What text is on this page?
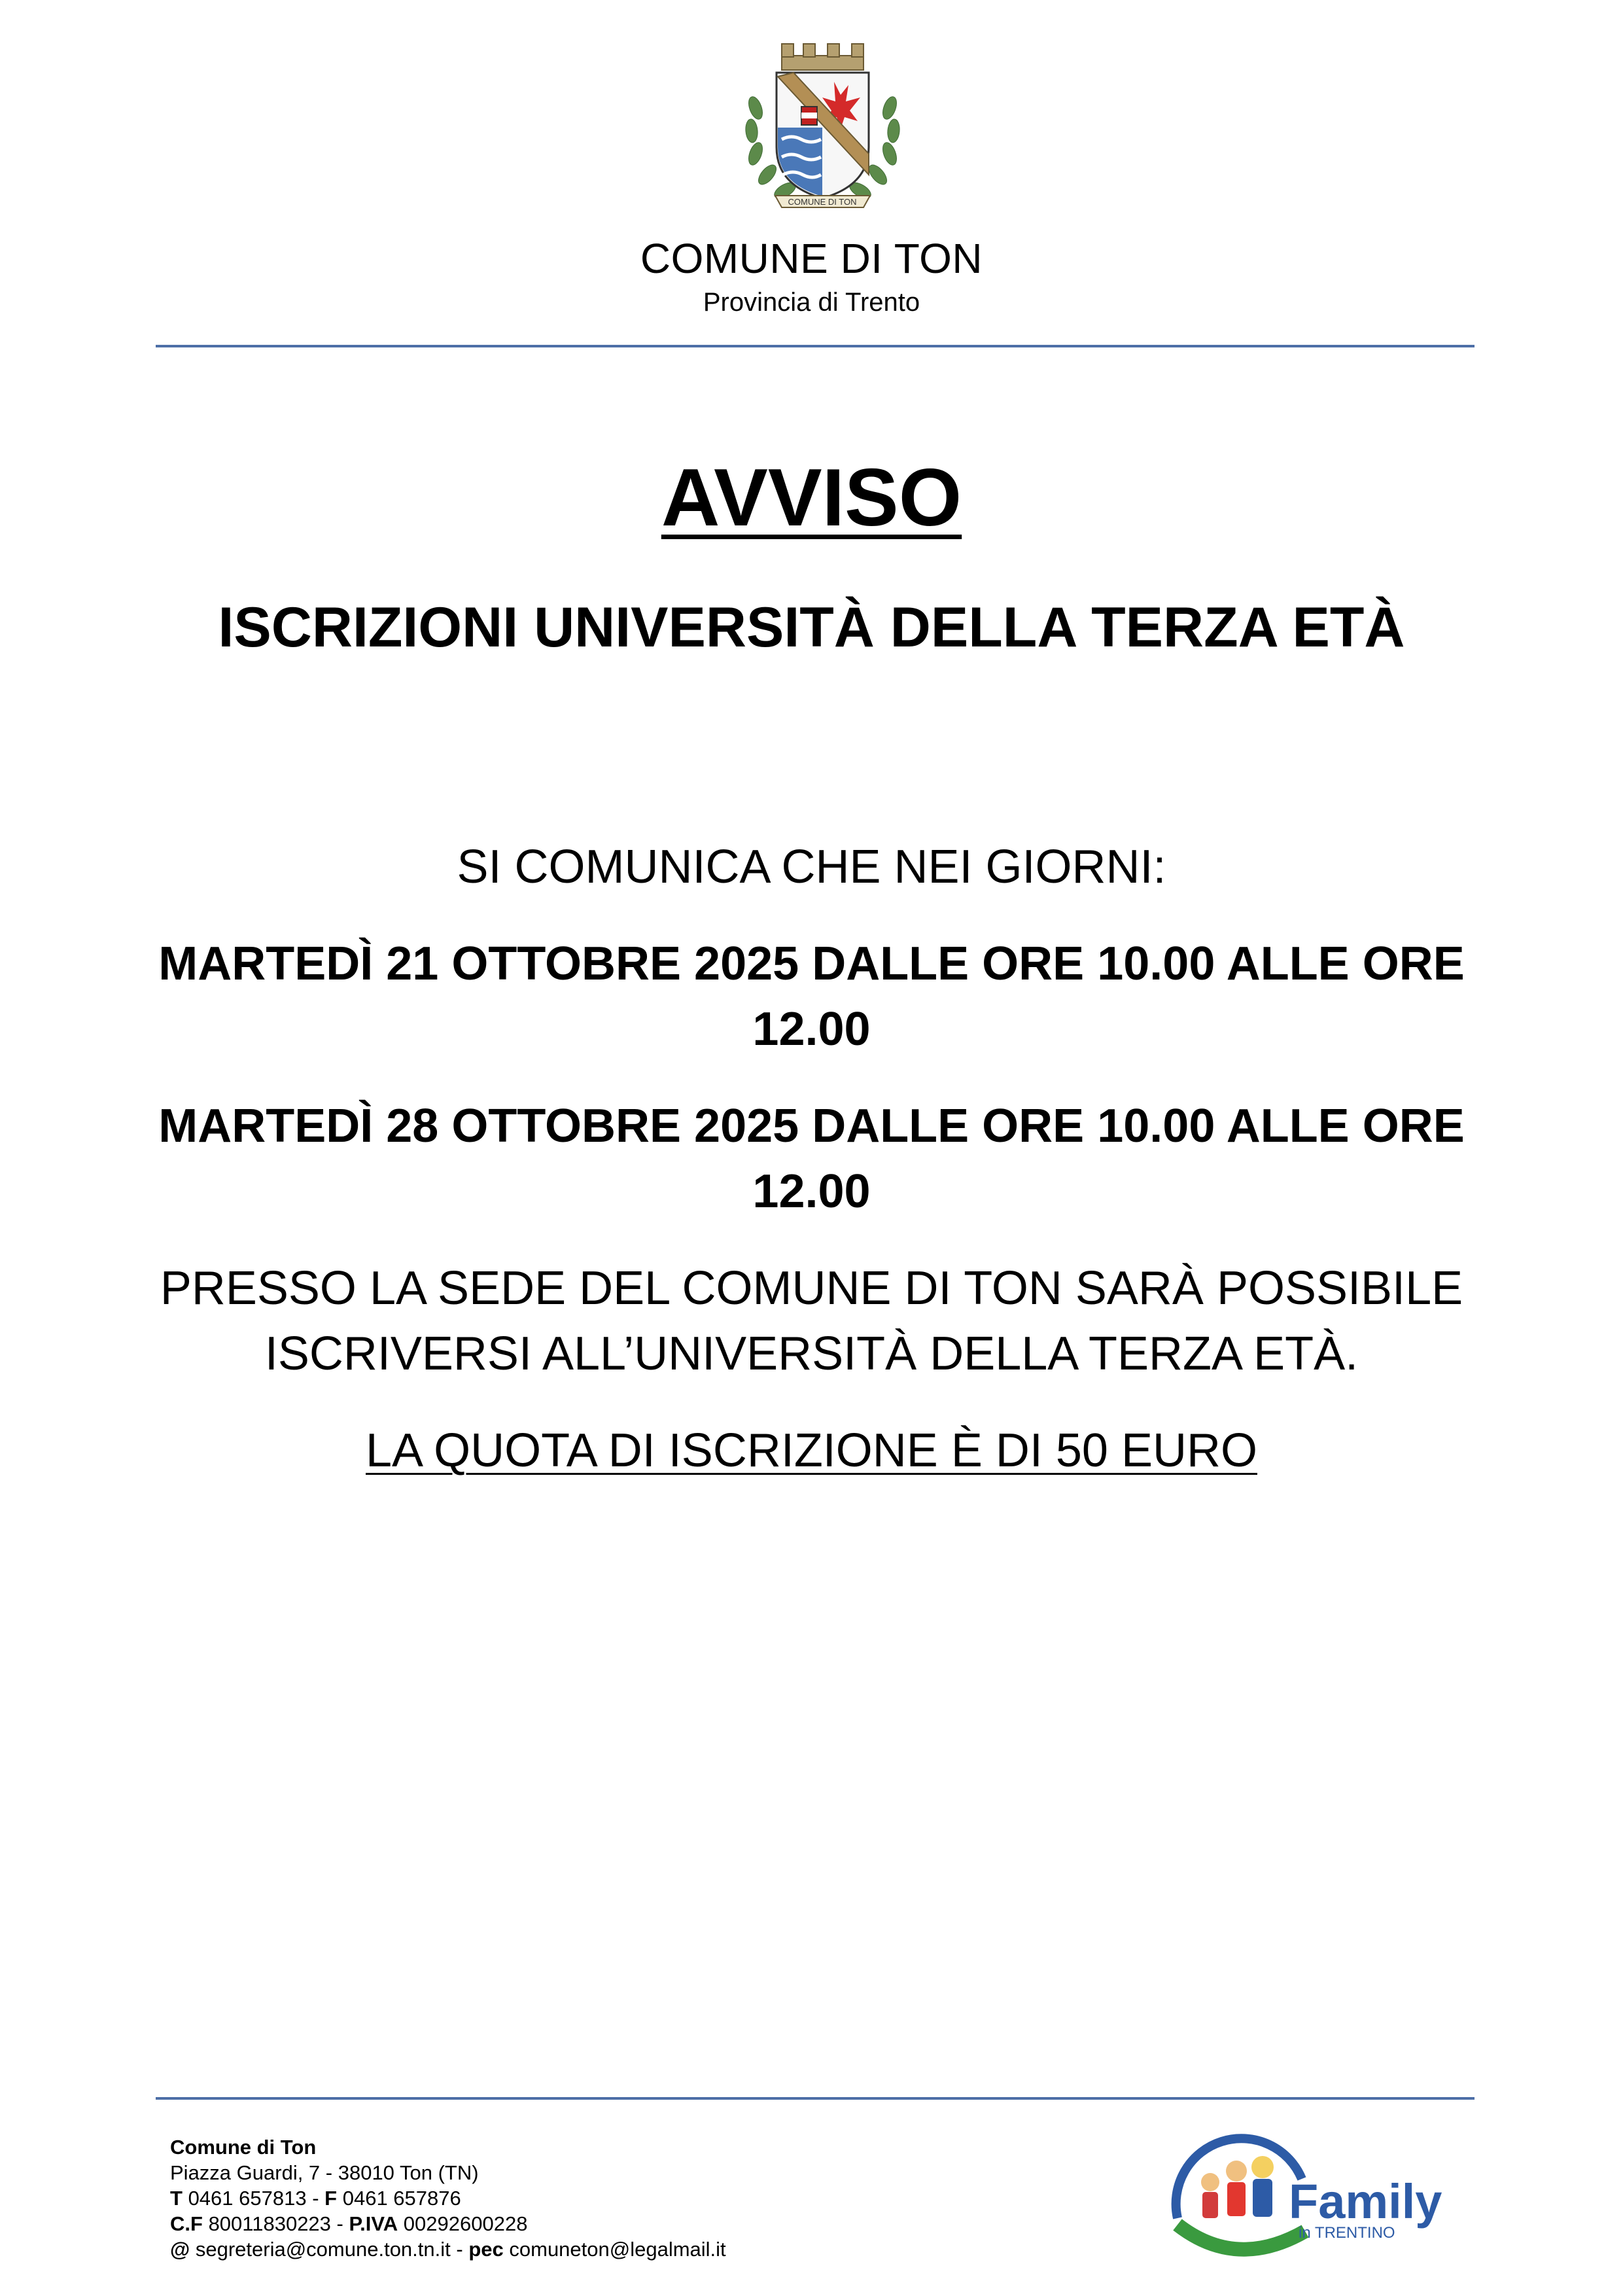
COMUNE DI TON
COMUNE DI TON
Provincia di Trento
AVVISO
ISCRIZIONI UNIVERSITÀ DELLA TERZA ETÀ

SI COMUNICA CHE NEI GIORNI:

MARTEDÌ 21 OTTOBRE 2025 DALLE ORE 10.00 ALLE ORE 12.00

MARTEDÌ 28 OTTOBRE 2025 DALLE ORE 10.00 ALLE ORE 12.00

PRESSO LA SEDE DEL COMUNE DI TON SARÀ POSSIBILE ISCRIVERSI ALL’UNIVERSITÀ DELLA TERZA ETÀ.

LA QUOTA DI ISCRIZIONE È DI 50 EURO

Comune di Ton
Piazza Guardi, 7 - 38010 Ton (TN)
T 0461 657813 - F 0461 657876
C.F 80011830223 - P.IVA 00292600228
@ segreteria@comune.ton.tn.it - pec comuneton@legalmail.it
Family
in TRENTINO
